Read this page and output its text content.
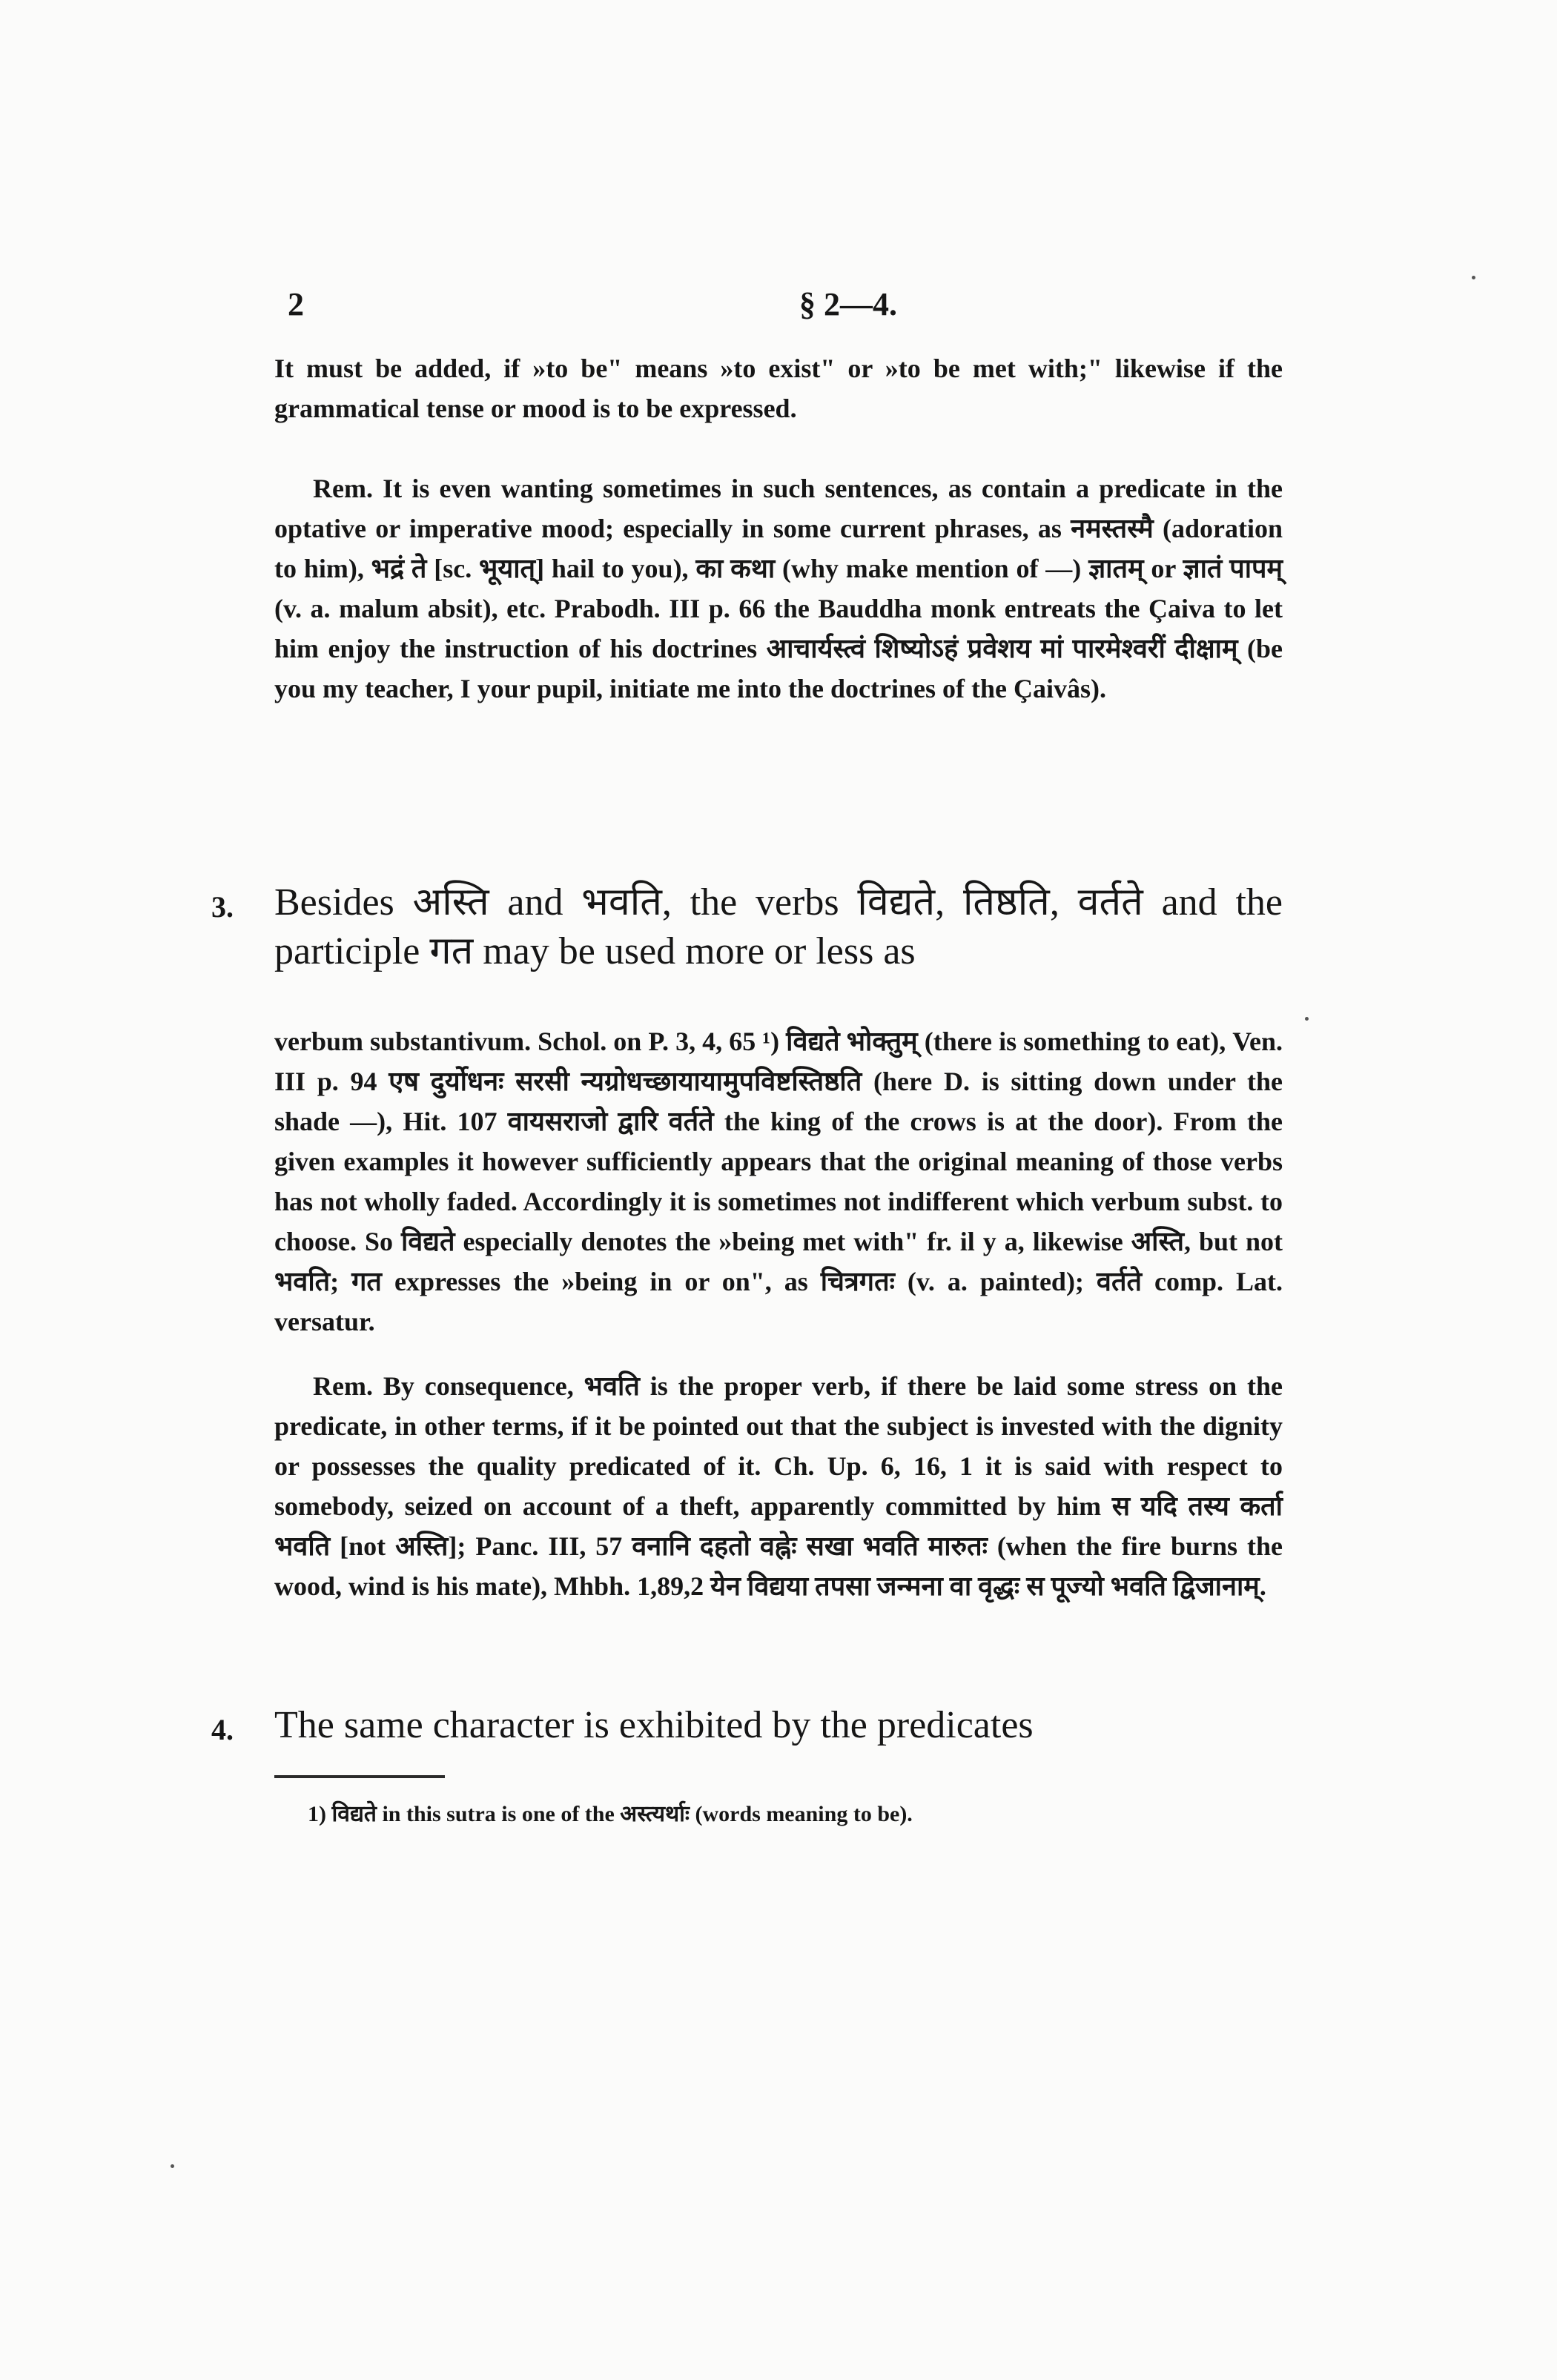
2	§ 2—4.

It must be added, if »to be" means »to exist" or »to be met with;" likewise if the grammatical tense or mood is to be expressed.

Rem. It is even wanting sometimes in such sentences, as contain a predicate in the optative or imperative mood; especially in some current phrases, as नमस्तस्मै (adoration to him), भद्रं ते [sc. भूयात्] hail to you), का कथा (why make mention of —) ज्ञातम् or ज्ञातं पापम् (v. a. malum absit), etc. Prabodh. III p. 66 the Bauddha monk entreats the Çaiva to let him enjoy the instruction of his doctrines आचार्यस्त्वं शिष्योऽहं प्रवेशय मां पारमेश्वरीं दीक्षाम् (be you my teacher, I your pupil, initiate me into the doctrines of the Çaivâs).

3. Besides अस्ति and भवति, the verbs विद्यते, तिष्ठति, वर्तते and the participle गत may be used more or less as

verbum substantivum. Schol. on P. 3, 4, 65 ¹) विद्यते भोक्तुम् (there is something to eat), Ven. III p. 94 एष दुर्योधनः सरसी न्यग्रोधच्छायायामुपविष्टस्तिष्ठति (here D. is sitting down under the shade —), Hit. 107 वायसराजो द्वारि वर्तते the king of the crows is at the door). From the given examples it however sufficiently appears that the original meaning of those verbs has not wholly faded. Accordingly it is sometimes not indifferent which verbum subst. to choose. So विद्यते especially denotes the »being met with" fr. il y a, likewise अस्ति, but not भवति; गत expresses the »being in or on", as चित्रगतः (v. a. painted); वर्तते comp. Lat. versatur.

Rem. By consequence, भवति is the proper verb, if there be laid some stress on the predicate, in other terms, if it be pointed out that the subject is invested with the dignity or possesses the quality predicated of it. Ch. Up. 6, 16, 1 it is said with respect to somebody, seized on account of a theft, apparently committed by him स यदि तस्य कर्ता भवति [not अस्ति]; Panc. III, 57 वनानि दहतो वह्नेः सखा भवति मारुतः (when the fire burns the wood, wind is his mate), Mhbh. 1,89,2 येन विद्यया तपसा जन्मना वा वृद्धः स पूज्यो भवति द्विजानाम्.

4. The same character is exhibited by the predicates

1) विद्यते in this sutra is one of the अस्त्यर्थाः (words meaning to be).
